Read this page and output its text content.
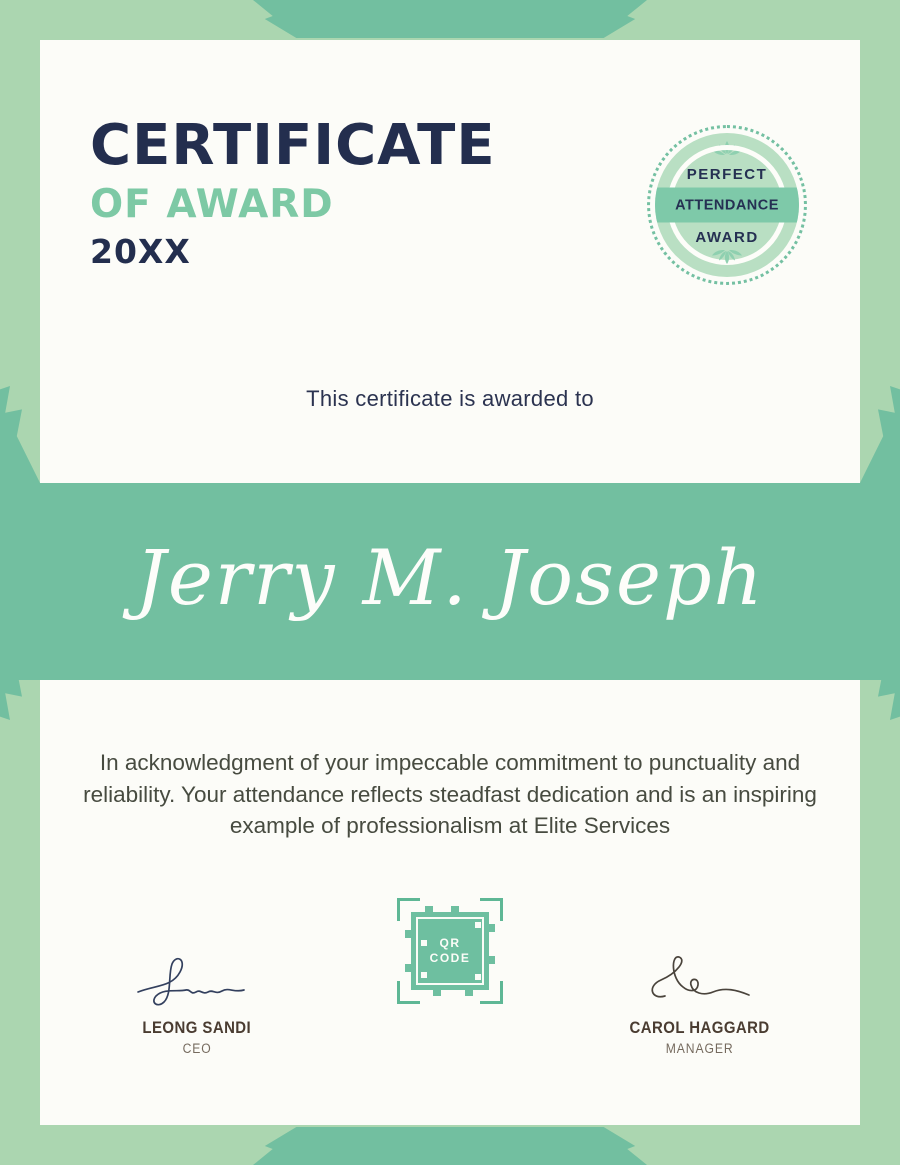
CERTIFICATE
OF AWARD
20XX
PERFECT
ATTENDANCE
AWARD
This certificate is awarded to
Jerry M. Joseph
In acknowledgment of your impeccable commitment to punctuality and reliability. Your attendance reflects steadfast dedication and is an inspiring example of professionalism at Elite Services
QR CODE
LEONG SANDI
CEO
CAROL HAGGARD
MANAGER
